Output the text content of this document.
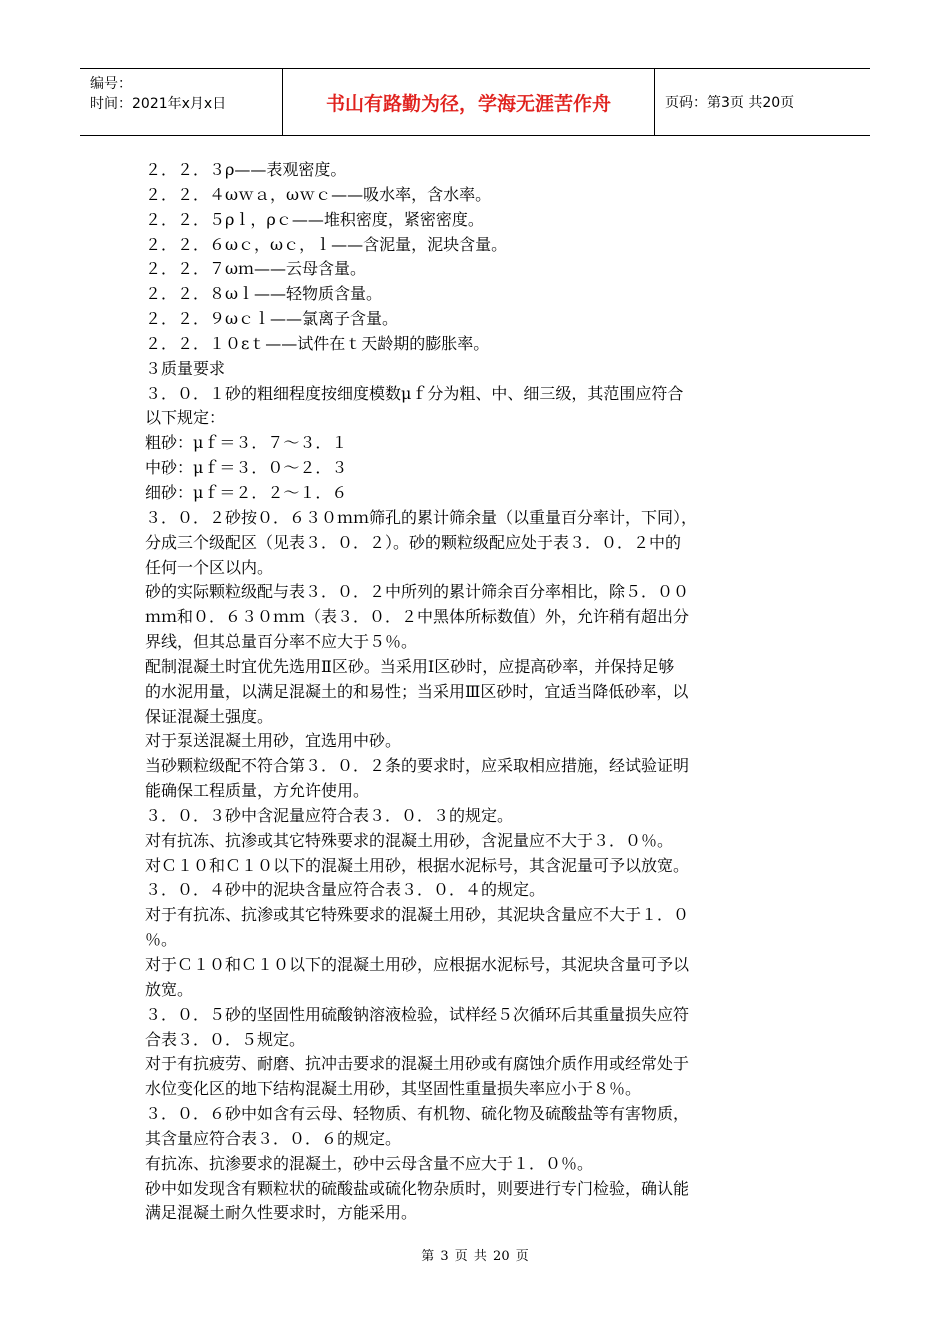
编号：
时间：2021年x月x日	书山有路勤为径，学海无涯苦作舟	页码：第3页 共20页

２．２．３ρ——表观密度。

２．２．４ωｗａ，ωｗｃ——吸水率，含水率。

２．２．５ρｌ，ρｃ——堆积密度，紧密密度。

２．２．６ωｃ，ωｃ，ｌ——含泥量，泥块含量。

２．２．７ωｍ——云母含量。

２．２．８ωｌ——轻物质含量。

２．２．９ωｃｌ——氯离子含量。

２．２．１０εｔ——试件在ｔ天龄期的膨胀率。

３质量要求

３．０．１砂的粗细程度按细度模数μｆ分为粗、中、细三级，其范围应符合

以下规定：

粗砂：μｆ＝３．７～３．１

中砂：μｆ＝３．０～２．３

细砂：μｆ＝２．２～１．６

３．０．２砂按０．６３０ｍｍ筛孔的累计筛余量（以重量百分率计，下同），

分成三个级配区（见表３．０．２）。砂的颗粒级配应处于表３．０．２中的

任何一个区以内。

砂的实际颗粒级配与表３．０．２中所列的累计筛余百分率相比，除５．００

ｍｍ和０．６３０ｍｍ（表３．０．２中黑体所标数值）外，允许稍有超出分

界线，但其总量百分率不应大于５％。

配制混凝土时宜优先选用Ⅱ区砂。当采用Ⅰ区砂时，应提高砂率，并保持足够

的水泥用量，以满足混凝土的和易性；当采用Ⅲ区砂时，宜适当降低砂率，以

保证混凝土强度。

对于泵送混凝土用砂，宜选用中砂。

当砂颗粒级配不符合第３．０．２条的要求时，应采取相应措施，经试验证明

能确保工程质量，方允许使用。

３．０．３砂中含泥量应符合表３．０．３的规定。

对有抗冻、抗渗或其它特殊要求的混凝土用砂，含泥量应不大于３．０％。

对Ｃ１０和Ｃ１０以下的混凝土用砂，根据水泥标号，其含泥量可予以放宽。

３．０．４砂中的泥块含量应符合表３．０．４的规定。

对于有抗冻、抗渗或其它特殊要求的混凝土用砂，其泥块含量应不大于１．０

％。

对于Ｃ１０和Ｃ１０以下的混凝土用砂，应根据水泥标号，其泥块含量可予以

放宽。

３．０．５砂的坚固性用硫酸钠溶液检验，试样经５次循环后其重量损失应符

合表３．０．５规定。

对于有抗疲劳、耐磨、抗冲击要求的混凝土用砂或有腐蚀介质作用或经常处于

水位变化区的地下结构混凝土用砂，其坚固性重量损失率应小于８％。

３．０．６砂中如含有云母、轻物质、有机物、硫化物及硫酸盐等有害物质，

其含量应符合表３．０．６的规定。

有抗冻、抗渗要求的混凝土，砂中云母含量不应大于１．０％。

砂中如发现含有颗粒状的硫酸盐或硫化物杂质时，则要进行专门检验，确认能

满足混凝土耐久性要求时，方能采用。

第 3 页 共 20 页
